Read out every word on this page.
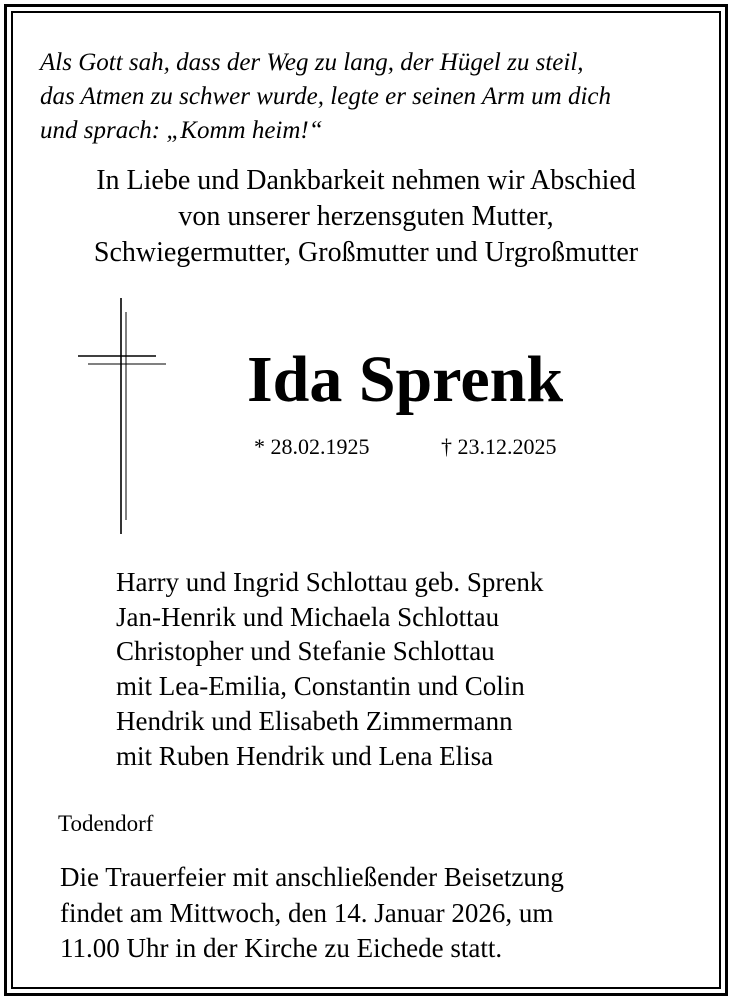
Als Gott sah, dass der Weg zu lang, der Hügel zu steil,
das Atmen zu schwer wurde, legte er seinen Arm um dich
und sprach: „Komm heim!“

In Liebe und Dankbarkeit nehmen wir Abschied
von unserer herzensguten Mutter,
Schwiegermutter, Großmutter und Urgroßmutter

Ida Sprenk
* 28.02.1925	† 23.12.2025

Harry und Ingrid Schlottau geb. Sprenk
Jan-Henrik und Michaela Schlottau
Christopher und Stefanie Schlottau
mit Lea-Emilia, Constantin und Colin
Hendrik und Elisabeth Zimmermann
mit Ruben Hendrik und Lena Elisa

Todendorf

Die Trauerfeier mit anschließender Beisetzung
findet am Mittwoch, den 14. Januar 2026, um
11.00 Uhr in der Kirche zu Eichede statt.
